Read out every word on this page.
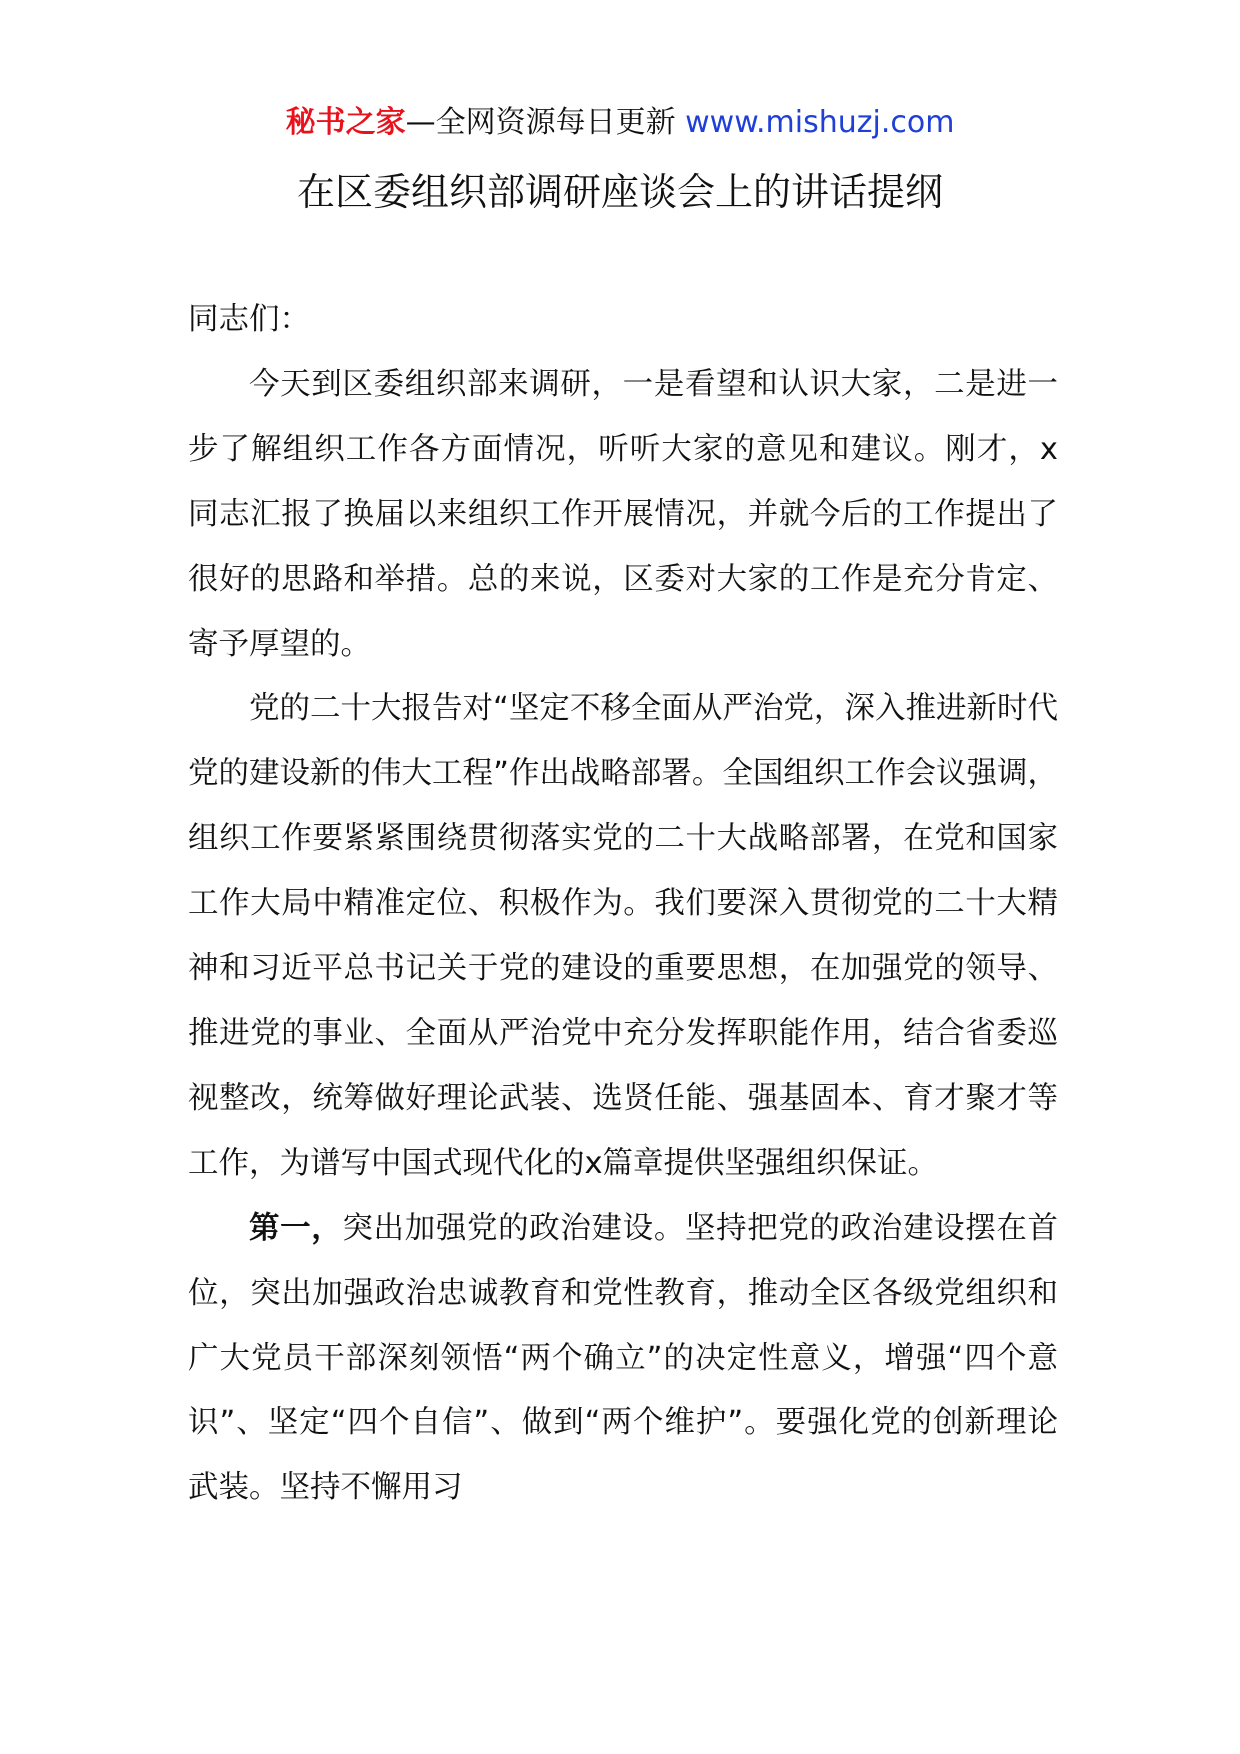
秘书之家—全网资源每日更新 www.mishuzj.com
在区委组织部调研座谈会上的讲话提纲

同志们：

今天到区委组织部来调研，一是看望和认识大家，二是进一步了解组织工作各方面情况，听听大家的意见和建议。刚才，x同志汇报了换届以来组织工作开展情况，并就今后的工作提出了很好的思路和举措。总的来说，区委对大家的工作是充分肯定、寄予厚望的。

党的二十大报告对“坚定不移全面从严治党，深入推进新时代党的建设新的伟大工程”作出战略部署。全国组织工作会议强调，组织工作要紧紧围绕贯彻落实党的二十大战略部署，在党和国家工作大局中精准定位、积极作为。我们要深入贯彻党的二十大精神和习近平总书记关于党的建设的重要思想，在加强党的领导、推进党的事业、全面从严治党中充分发挥职能作用，结合省委巡视整改，统筹做好理论武装、选贤任能、强基固本、育才聚才等工作，为谱写中国式现代化的x篇章提供坚强组织保证。

第一，突出加强党的政治建设。坚持把党的政治建设摆在首位，突出加强政治忠诚教育和党性教育，推动全区各级党组织和广大党员干部深刻领悟“两个确立”的决定性意义，增强“四个意识”、坚定“四个自信”、做到“两个维护”。要强化党的创新理论武装。坚持不懈用习
